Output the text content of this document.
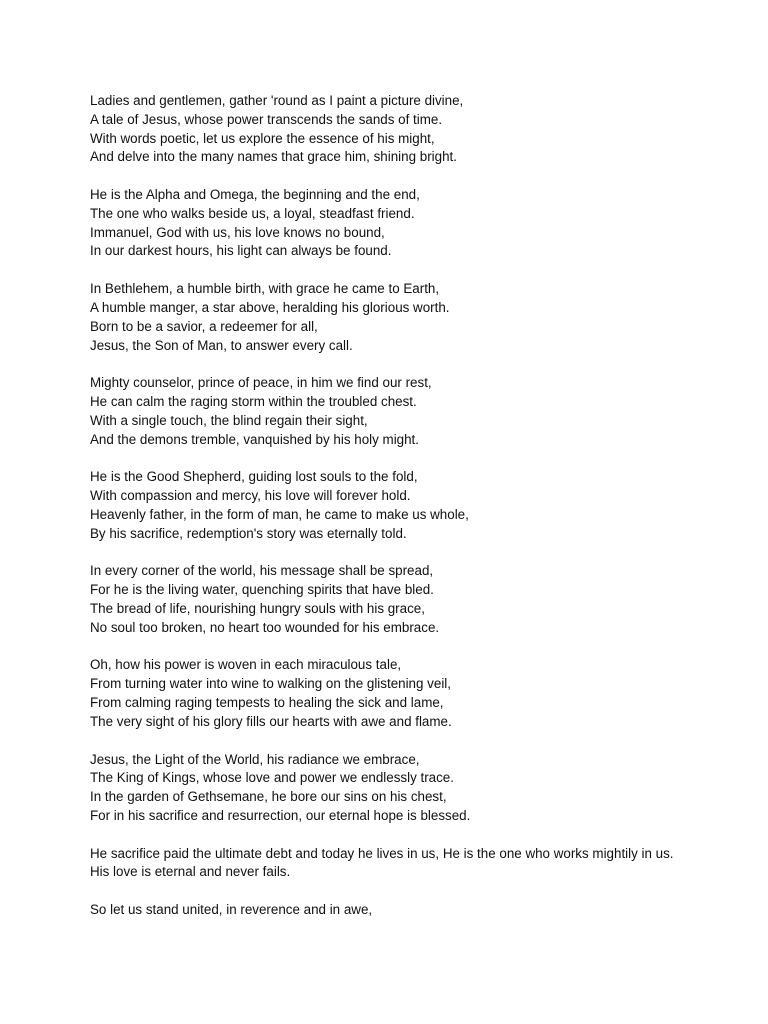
Ladies and gentlemen, gather 'round as I paint a picture divine,
A tale of Jesus, whose power transcends the sands of time.
With words poetic, let us explore the essence of his might,
And delve into the many names that grace him, shining bright.
He is the Alpha and Omega, the beginning and the end,
The one who walks beside us, a loyal, steadfast friend.
Immanuel, God with us, his love knows no bound,
In our darkest hours, his light can always be found.
In Bethlehem, a humble birth, with grace he came to Earth,
A humble manger, a star above, heralding his glorious worth.
Born to be a savior, a redeemer for all,
Jesus, the Son of Man, to answer every call.
Mighty counselor, prince of peace, in him we find our rest,
He can calm the raging storm within the troubled chest.
With a single touch, the blind regain their sight,
And the demons tremble, vanquished by his holy might.
He is the Good Shepherd, guiding lost souls to the fold,
With compassion and mercy, his love will forever hold.
Heavenly father, in the form of man, he came to make us whole,
By his sacrifice, redemption's story was eternally told.
In every corner of the world, his message shall be spread,
For he is the living water, quenching spirits that have bled.
The bread of life, nourishing hungry souls with his grace,
No soul too broken, no heart too wounded for his embrace.
Oh, how his power is woven in each miraculous tale,
From turning water into wine to walking on the glistening veil,
From calming raging tempests to healing the sick and lame,
The very sight of his glory fills our hearts with awe and flame.
Jesus, the Light of the World, his radiance we embrace,
The King of Kings, whose love and power we endlessly trace.
In the garden of Gethsemane, he bore our sins on his chest,
For in his sacrifice and resurrection, our eternal hope is blessed.
He sacrifice paid the ultimate debt and today he lives in us, He is the one who works mightily in us. His love is eternal and never fails.
So let us stand united, in reverence and in awe,
